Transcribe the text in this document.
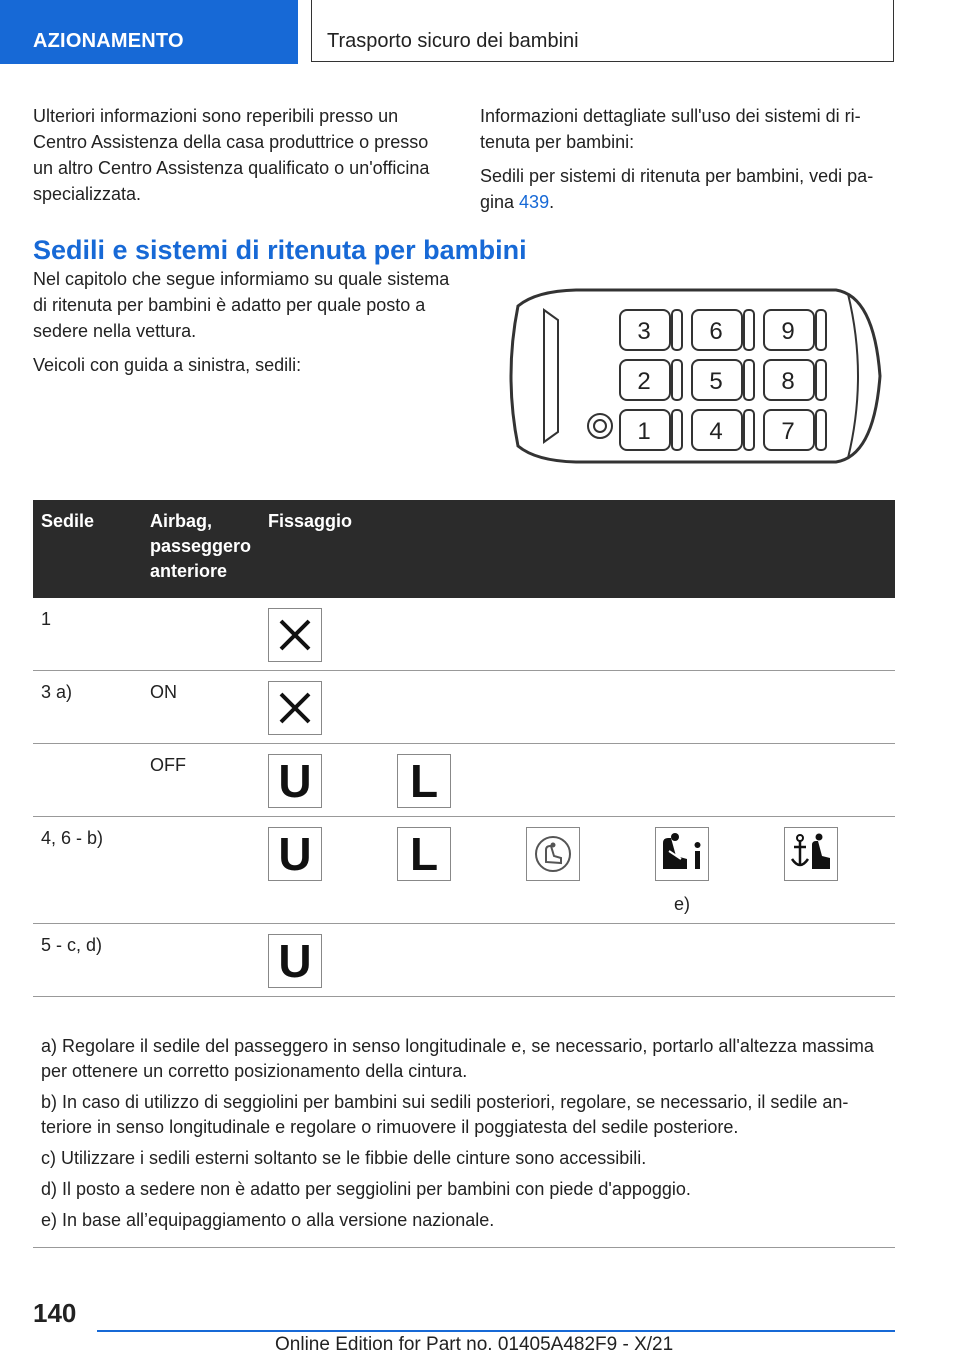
AZIONAMENTO	Trasporto sicuro dei bambini

Ulteriori informazioni sono reperibili presso un Centro Assistenza della casa produttrice o presso un altro Centro Assistenza qualificato o un'officina specializzata.

Informazioni dettagliate sull'uso dei sistemi di ritenuta per bambini:

Sedili per sistemi di ritenuta per bambini, vedi pagina 439.

Sedili e sistemi di ritenuta per bambini

Nel capitolo che segue informiamo su quale sistema di ritenuta per bambini è adatto per quale posto a sedere nella vettura.

Veicoli con guida a sinistra, sedili:

1
2
3
4
5
6
7
8
9
Sedile	Airbag, passeggero anteriore	Fissaggio
1		

3 a)	ON	

	OFF	U L

4, 6 - b)		U L
e)

5 - c, d)		U

a) Regolare il sedile del passeggero in senso longitudinale e, se necessario, portarlo all'altezza massima per ottenere un corretto posizionamento della cintura.

b) In caso di utilizzo di seggiolini per bambini sui sedili posteriori, regolare, se necessario, il sedile anteriore in senso longitudinale e regolare o rimuovere il poggiatesta del sedile posteriore.

c) Utilizzare i sedili esterni soltanto se le fibbie delle cinture sono accessibili.

d) Il posto a sedere non è adatto per seggiolini per bambini con piede d'appoggio.

e) In base all’equipaggiamento o alla versione nazionale.

140
Online Edition for Part no. 01405A482F9 - X/21
